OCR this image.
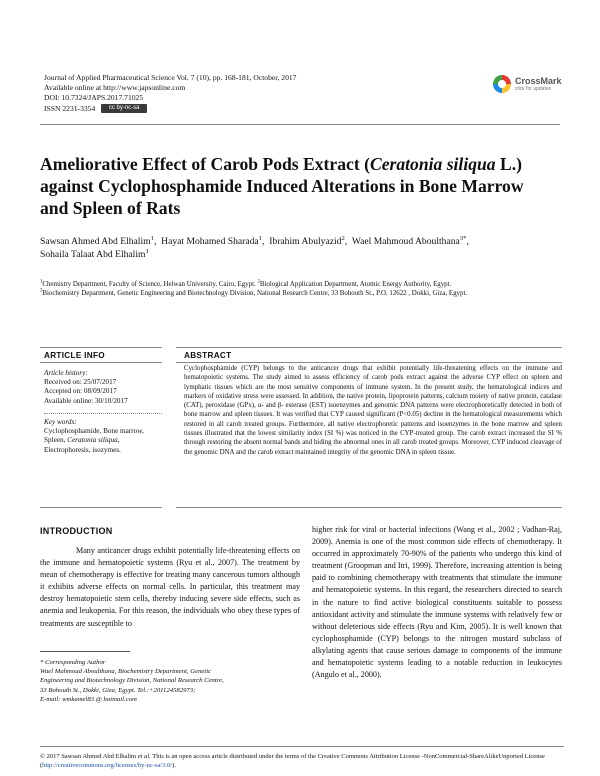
Journal of Applied Pharmaceutical Science Vol. 7 (10), pp. 168-181, October, 2017
Available online at http://www.japsonline.com
DOI: 10.7324/JAPS.2017.71025
ISSN 2231-3354 cc by-nc-sa
CrossMark
click for updates
Ameliorative Effect of Carob Pods Extract (Ceratonia siliqua L.)
against Cyclophosphamide Induced Alterations in Bone Marrow
and Spleen of Rats
Sawsan Ahmed Abd Elhalim$^1$,  Hayat Mohamed Sharada$^1$,  Ibrahim Abulyazid$^2$,  Wael Mahmoud Aboulthana$^{3*}$,
Sohaila Talaat Abd Elhalim$^1$
$^1$Chemistry Department, Faculty of Science, Helwan University, Cairo, Egypt. $^2$Biological Application Department, Atomic Energy Authority, Egypt.
$^3$Biochemistry Department, Genetic Engineering and Biotechnology Division, National Research Centre, 33 Bohouth St., P.O. 12622 , Dokki, Giza, Egypt.
ARTICLE INFO	ABSTRACT
Article history:
Received on: 25/07/2017
Accepted on: 08/09/2017
Available online: 30/10/2017
Key words:
Cyclophosphamide, Bone marrow, Spleen, Ceratonia siliqua, Electrophoresis, isozymes.
Cyclophosphamide (CYP) belongs to the anticancer drugs that exhibit potentially life-threatening effects on the immune and hematopoietic systems. The study aimed to assess efficiency of carob pods extract against the adverse CYP effect on spleen and lymphatic tissues which are the most sensitive components of immune system. In the present study, the hematological indices and markers of oxidative stress were assessed. In addition, the native protein, lipoprotein patterns, calcium moiety of native protein, catalase (CAT), peroxidase (GPx), α- and β- esterase (EST) isoenzymes and genomic DNA patterns were electrophoretically detected in both of bone marrow and spleen tissues. It was verified that CYP caused significant (P<0.05) decline in the hematological measurements which restored in all carob treated groups. Furthermore, all native electrophoretic patterns and isoenzymes in the bone marrow and spleen tissues illustrated that the lowest similarity index (SI %) was noticed in the CYP-treated group. The carob extract increased the SI % through restoring the absent normal bands and hiding the abnormal ones in all carob treated groups. Moreover, CYP induced cleavage of the genomic DNA and the carob extract maintained integrity of the genomic DNA in spleen tissue.
INTRODUCTION
Many anticancer drugs exhibit potentially life-threatening effects on the immune and hematopoietic systems (Ryu et al., 2007). The treatment by mean of chemotherapy is effective for treating many cancerous tumors although it exhibits adverse effects on normal cells. In particular, this treatment may destroy hematopoietic stem cells, thereby inducing severe side effects, such as anemia and leukopenia. For this reason, the individuals who obey these types of treatments are susceptible to
higher risk for viral or bacterial infections (Wang et al., 2002 ; Vadhan-Raj, 2009). Anemia is one of the most common side effects of chemotherapy. It occurred in approximately 70-90% of the patients who undergo this kind of treatment (Groopman and Itri, 1999). Therefore, increasing attention is being paid to combining chemotherapy with treatments that stimulate the immune and hematopoietic systems. In this regard, the researchers directed to search in the nature to find active biological constituents suitable to possess antioxidant activity and stimulate the immune systems with relatively few or without deleterious side effects (Ryu and Kim, 2005). It is well known that cyclophosphamide (CYP) belongs to the nitrogen mustard subclass of alkylating agents that cause serious damage to components of the immune and hematopoietic systems leading to a notable reduction in leukocytes (Angulo et al., 2000).
* Corresponding Author
Wael Mahmoud Aboulthana, Biochemistry Department, Genetic
Engineering and Biotechnology Division, National Research Centre,
33 Bohouth St., Dokki, Giza, Egypt. Tel.:+201124582973;
E-mail: wmkamel83 @ hotmail.com
© 2017 Sawsan Ahmed Abd Elhalim et al. This is an open access article distributed under the terms of the Creative Commons Attribution License -NonCommercial-ShareAlikeUnported License (http://creativecommons.org/licenses/by-nc-sa/3.0/).
